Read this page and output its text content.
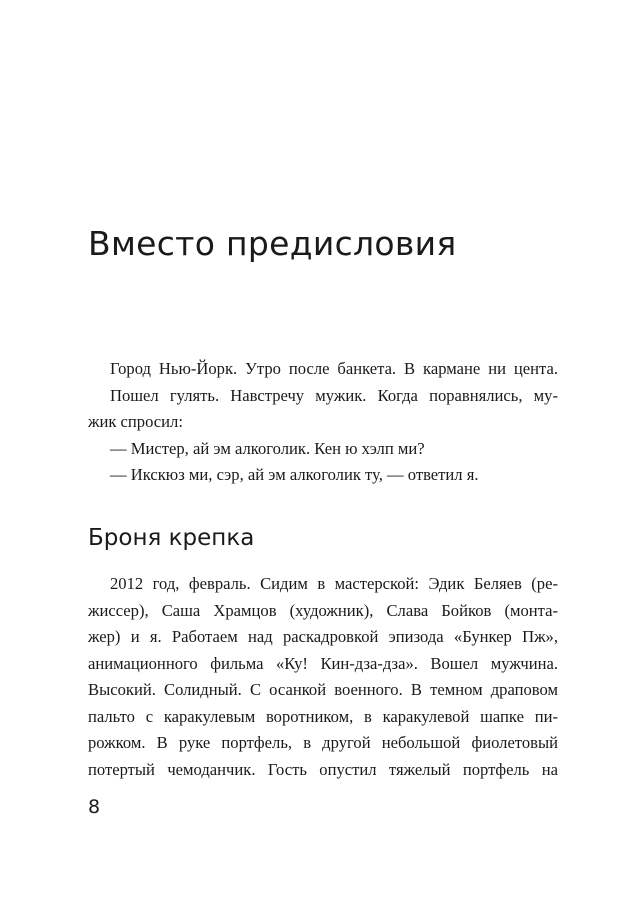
Вместо предисловия
Город Нью-Йорк. Утро после банкета. В кармане ни цента.
Пошел гулять. Навстречу мужик. Когда поравнялись, му-
жик спросил:
— Мистер, ай эм алкоголик. Кен ю хэлп ми?
— Икскюз ми, сэр, ай эм алкоголик ту, — ответил я.
Броня крепка
2012 год, февраль. Сидим в мастерской: Эдик Беляев (ре-
жиссер), Саша Храмцов (художник), Слава Бойков (монта-
жер) и я. Работаем над раскадровкой эпизода «Бункер Пж»,
анимационного фильма «Ку! Кин-дза-дза». Вошел мужчина.
Высокий. Солидный. С осанкой военного. В темном драповом
пальто с каракулевым воротником, в каракулевой шапке пи-
рожком. В руке портфель, в другой небольшой фиолетовый
потертый чемоданчик. Гость опустил тяжелый портфель на
8
